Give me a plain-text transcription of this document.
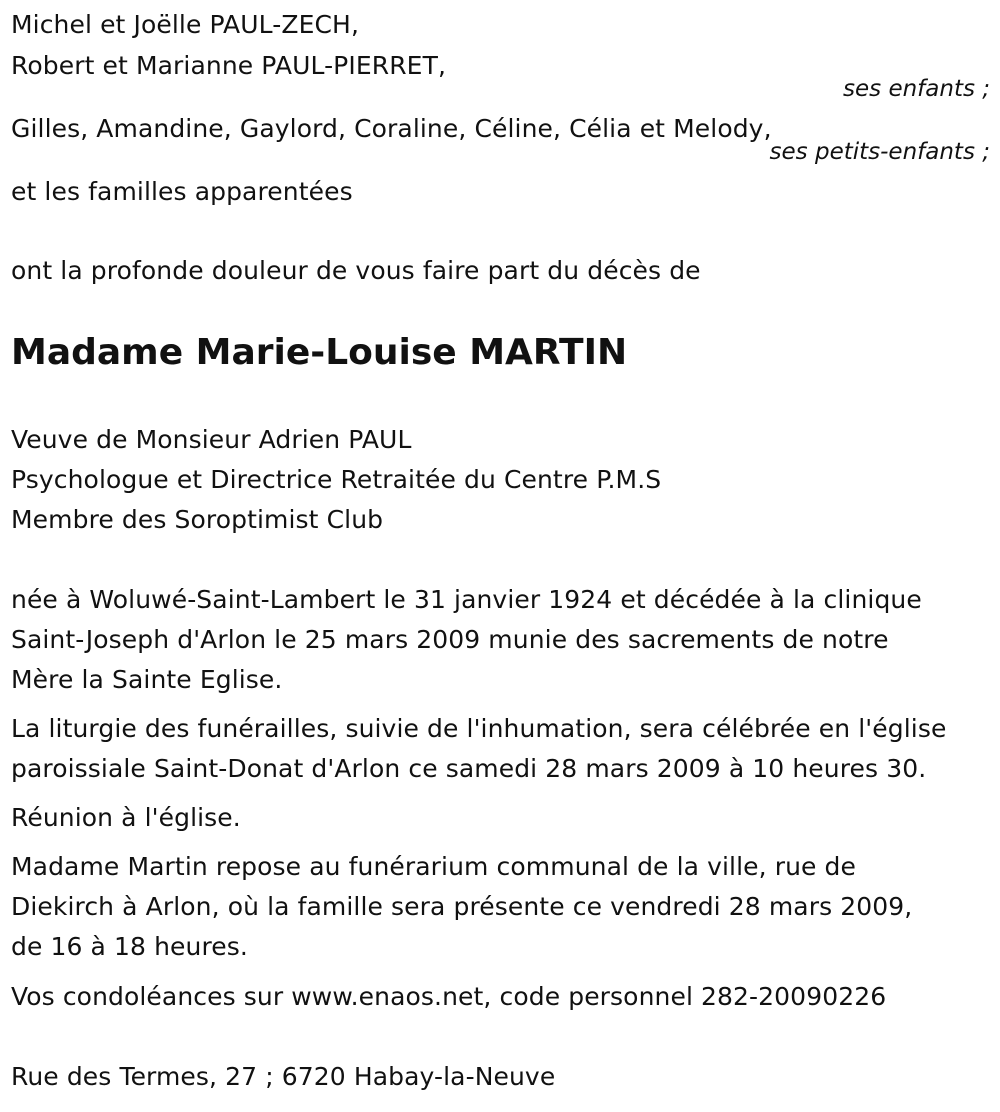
Michel et Joëlle PAUL-ZECH,
Robert et Marianne PAUL-PIERRET,
ses enfants ;
Gilles, Amandine, Gaylord, Coraline, Céline, Célia et Melody,
ses petits-enfants ;
et les familles apparentées
ont la profonde douleur de vous faire part du décès de
Madame Marie-Louise MARTIN
Veuve de Monsieur Adrien PAUL
Psychologue et Directrice Retraitée du Centre P.M.S
Membre des Soroptimist Club
née à Woluwé-Saint-Lambert le 31 janvier 1924 et décédée à la clinique
Saint-Joseph d'Arlon le 25 mars 2009 munie des sacrements de notre
Mère la Sainte Eglise.
La liturgie des funérailles, suivie de l'inhumation, sera célébrée en l'église
paroissiale Saint-Donat d'Arlon ce samedi 28 mars 2009 à 10 heures 30.
Réunion à l'église.
Madame Martin repose au funérarium communal de la ville, rue de
Diekirch à Arlon, où la famille sera présente ce vendredi 28 mars 2009,
de 16 à 18 heures.
Vos condoléances sur www.enaos.net, code personnel 282-20090226
Rue des Termes, 27 ; 6720 Habay-la-Neuve
